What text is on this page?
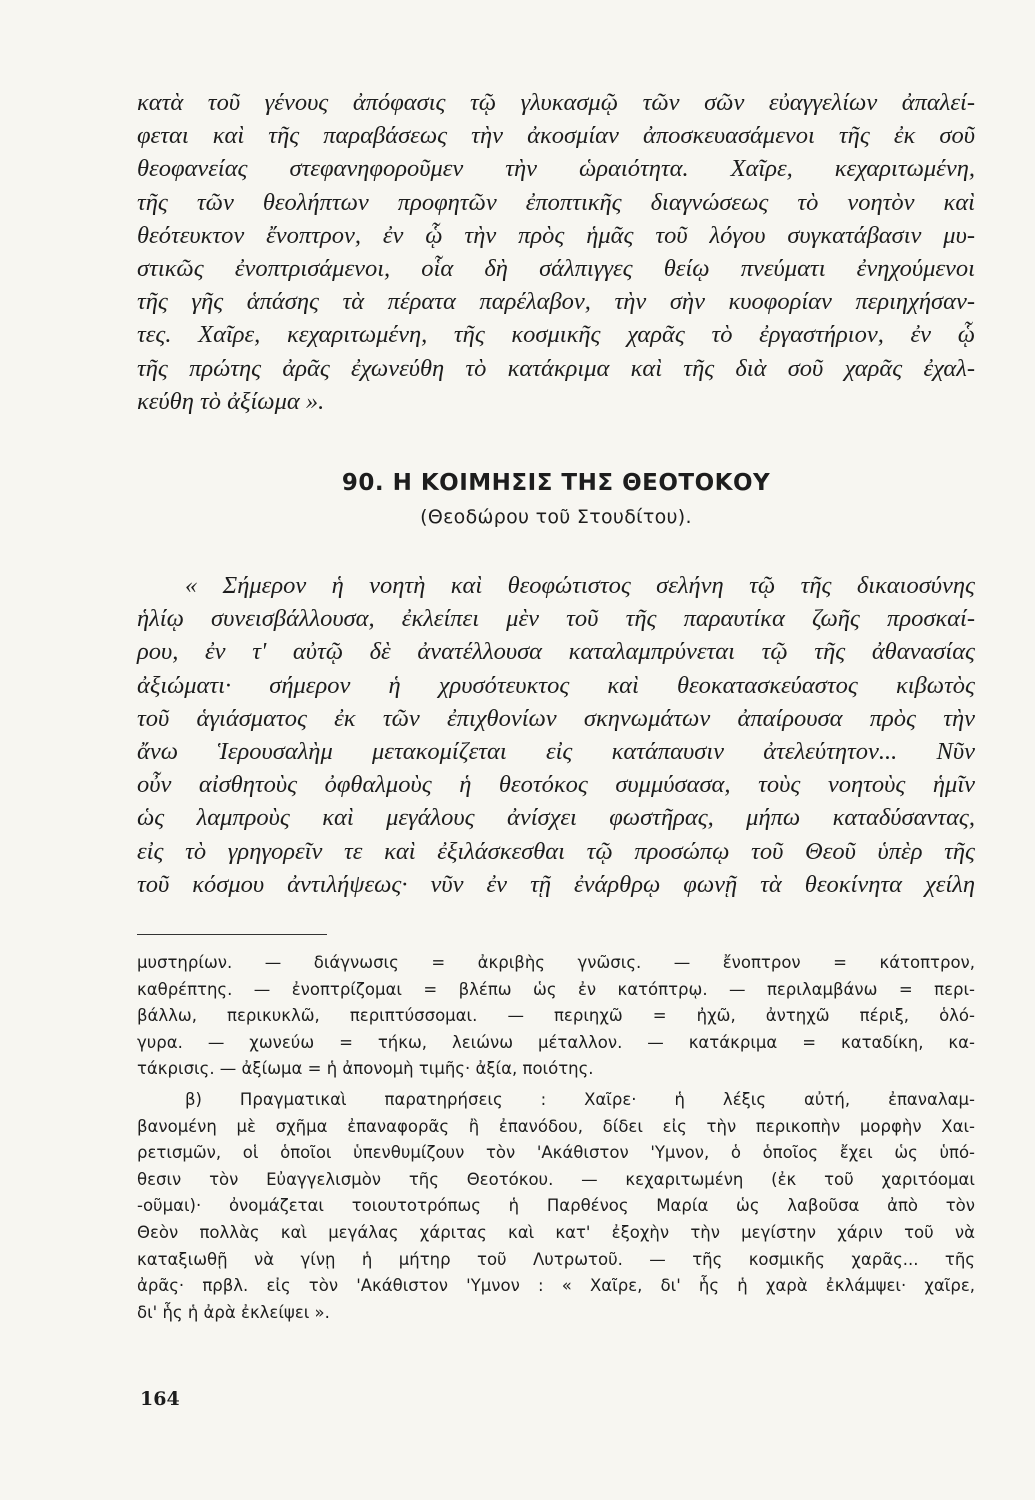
κατὰ τοῦ γένους ἀπόφασις τῷ γλυκασμῷ τῶν σῶν εὐαγγελίων ἀπαλεί-
φεται καὶ τῆς παραβάσεως τὴν ἀκοσμίαν ἀποσκευασάμενοι τῆς ἐκ σοῦ
θεοφανείας στεφανηφοροῦμεν τὴν ὡραιότητα. Χαῖρε, κεχαριτωμένη,
τῆς τῶν θεολήπτων προφητῶν ἐποπτικῆς διαγνώσεως τὸ νοητὸν καὶ
θεότευκτον ἔνοπτρον, ἐν ᾧ τὴν πρὸς ἡμᾶς τοῦ λόγου συγκατάβασιν μυ-
στικῶς ἐνοπτρισάμενοι, οἷα δὴ σάλπιγγες θείῳ πνεύματι ἐνηχούμενοι
τῆς γῆς ἁπάσης τὰ πέρατα παρέλαβον, τὴν σὴν κυοφορίαν περιηχήσαν-
τες. Χαῖρε, κεχαριτωμένη, τῆς κοσμικῆς χαρᾶς τὸ ἐργαστήριον, ἐν ᾧ
τῆς πρώτης ἀρᾶς ἐχωνεύθη τὸ κατάκριμα καὶ τῆς διὰ σοῦ χαρᾶς ἐχαλ-
κεύθη τὸ ἀξίωμα ».
90. Η ΚΟΙΜΗΣΙΣ ΤΗΣ ΘΕΟΤΟΚΟΥ
(Θεοδώρου τοῦ Στουδίτου).
« Σήμερον ἡ νοητὴ καὶ θεοφώτιστος σελήνη τῷ τῆς δικαιοσύνης
ἡλίῳ συνεισβάλλουσα, ἐκλείπει μὲν τοῦ τῆς παραυτίκα ζωῆς προσκαί-
ρου, ἐν τ' αὐτῷ δὲ ἀνατέλλουσα καταλαμπρύνεται τῷ τῆς ἀθανασίας
ἀξιώματι· σήμερον ἡ χρυσότευκτος καὶ θεοκατασκεύαστος κιβωτὸς
τοῦ ἁγιάσματος ἐκ τῶν ἐπιχθονίων σκηνωμάτων ἀπαίρουσα πρὸς τὴν
ἄνω Ἱερουσαλὴμ μετακομίζεται εἰς κατάπαυσιν ἀτελεύτητον... Νῦν
οὖν αἰσθητοὺς ὀφθαλμοὺς ἡ θεοτόκος συμμύσασα, τοὺς νοητοὺς ἡμῖν
ὡς λαμπροὺς καὶ μεγάλους ἀνίσχει φωστῆρας, μήπω καταδύσαντας,
εἰς τὸ γρηγορεῖν τε καὶ ἐξιλάσκεσθαι τῷ προσώπῳ τοῦ Θεοῦ ὑπὲρ τῆς
τοῦ κόσμου ἀντιλήψεως· νῦν ἐν τῇ ἐνάρθρῳ φωνῇ τὰ θεοκίνητα χείλη
μυστηρίων. — διάγνωσις = ἀκριβὴς γνῶσις. — ἔνοπτρον = κάτοπτρον,
καθρέπτης. — ἐνοπτρίζομαι = βλέπω ὡς ἐν κατόπτρῳ. — περιλαμβάνω = περι-
βάλλω, περικυκλῶ, περιπτύσσομαι. — περιηχῶ = ἠχῶ, ἀντηχῶ πέριξ, ὁλό-
γυρα. — χωνεύω = τήκω, λειώνω μέταλλον. — κατάκριμα = καταδίκη, κα-
τάκρισις. — ἀξίωμα = ἡ ἀπονομὴ τιμῆς· ἀξία, ποιότης.
β) Πραγματικαὶ παρατηρήσεις : Χαῖρε· ἡ λέξις αὐτή, ἐπαναλαμ-
βανομένη μὲ σχῆμα ἐπαναφορᾶς ἢ ἐπανόδου, δίδει εἰς τὴν περικοπὴν μορφὴν Χαι-
ρετισμῶν, οἱ ὁποῖοι ὑπενθυμίζουν τὸν 'Ακάθιστον 'Υμνον, ὁ ὁποῖος ἔχει ὡς ὑπό-
θεσιν τὸν Εὐαγγελισμὸν τῆς Θεοτόκου. — κεχαριτωμένη (ἐκ τοῦ χαριτόομαι
-οῦμαι)· ὀνομάζεται τοιουτοτρόπως ἡ Παρθένος Μαρία ὡς λαβοῦσα ἀπὸ τὸν
Θεὸν πολλὰς καὶ μεγάλας χάριτας καὶ κατ' ἐξοχὴν τὴν μεγίστην χάριν τοῦ νὰ
καταξιωθῇ νὰ γίνῃ ἡ μήτηρ τοῦ Λυτρωτοῦ. — τῆς κοσμικῆς χαρᾶς... τῆς
ἀρᾶς· πρβλ. εἰς τὸν 'Ακάθιστον 'Υμνον : « Χαῖρε, δι' ἧς ἡ χαρὰ ἐκλάμψει· χαῖρε,
δι' ἧς ἡ ἀρὰ ἐκλείψει ».
164
